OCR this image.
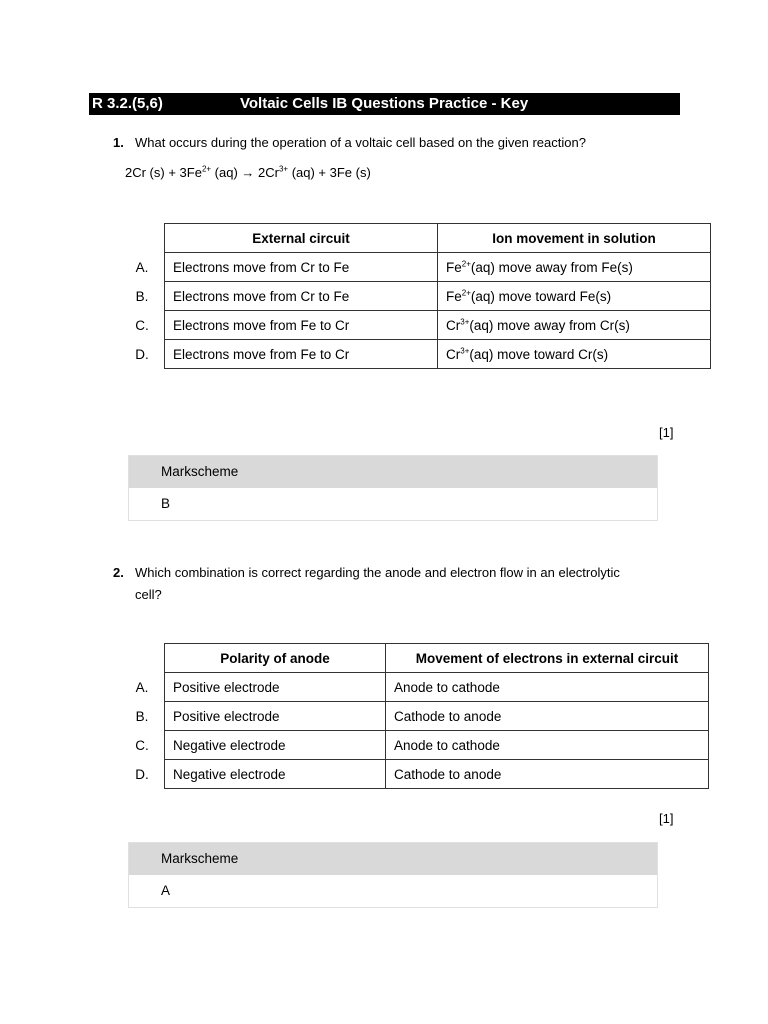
R 3.2.(5,6)	Voltaic Cells IB Questions Practice - Key
1. What occurs during the operation of a voltaic cell based on the given reaction?
2Cr $(s) + 3Fe^{2+}$ $(aq) \to 2Cr^{3+}$ (aq) + 3Fe (s)
	External circuit	Ion movement in solution
A.	Electrons move from Cr to Fe	$Fe^{2+}(aq)$ move away from Fe(s)
B.	Electrons move from Cr to Fe	$Fe^{2+}(aq)$ move toward Fe(s)
C.	Electrons move from Fe to Cr	$Cr^{3+}(aq)$ move away from Cr(s)
D.	Electrons move from Fe to Cr	$Cr^{3+}(aq)$ move toward Cr(s)
[1]
Markscheme
B
2. Which combination is correct regarding the anode and electron flow in an electrolytic
cell?
	Polarity of anode	Movement of electrons in external circuit
A.	Positive electrode	Anode to cathode
B.	Positive electrode	Cathode to anode
C.	Negative electrode	Anode to cathode
D.	Negative electrode	Cathode to anode
[1]
Markscheme
A
